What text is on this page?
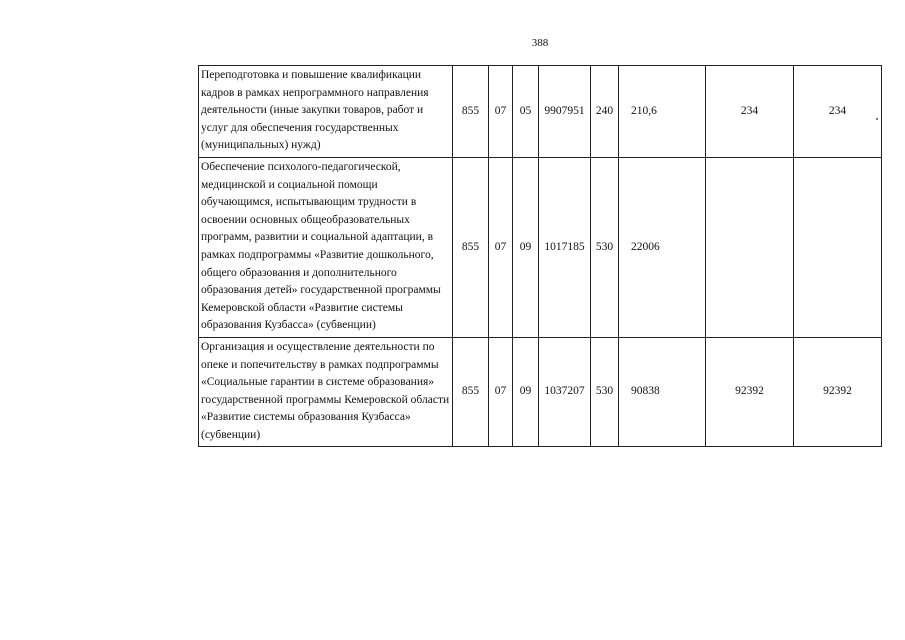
388
Переподготовка и повышение квалификации кадров в рамках непрограммного направления деятельности (иные закупки товаров, работ и услуг для обеспечения государственных (муниципальных) нужд)	855	07	05	9907951	240	210,6	234	234
Обеспечение психолого-педагогической, медицинской и социальной помощи обучающимся, испытывающим трудности в освоении основных общеобразовательных программ, развитии и социальной адаптации, в рамках подпрограммы «Развитие дошкольного, общего образования и дополнительного образования детей» государственной программы Кемеровской области «Развитие системы образования Кузбасса» (субвенции)	855	07	09	1017185	530	22006		
Организация и осуществление деятельности по опеке и попечительству в рамках подпрограммы «Социальные гарантии в системе образования» государственной программы Кемеровской области «Развитие системы образования Кузбасса» (субвенции)	855	07	09	1037207	530	90838	92392	92392
